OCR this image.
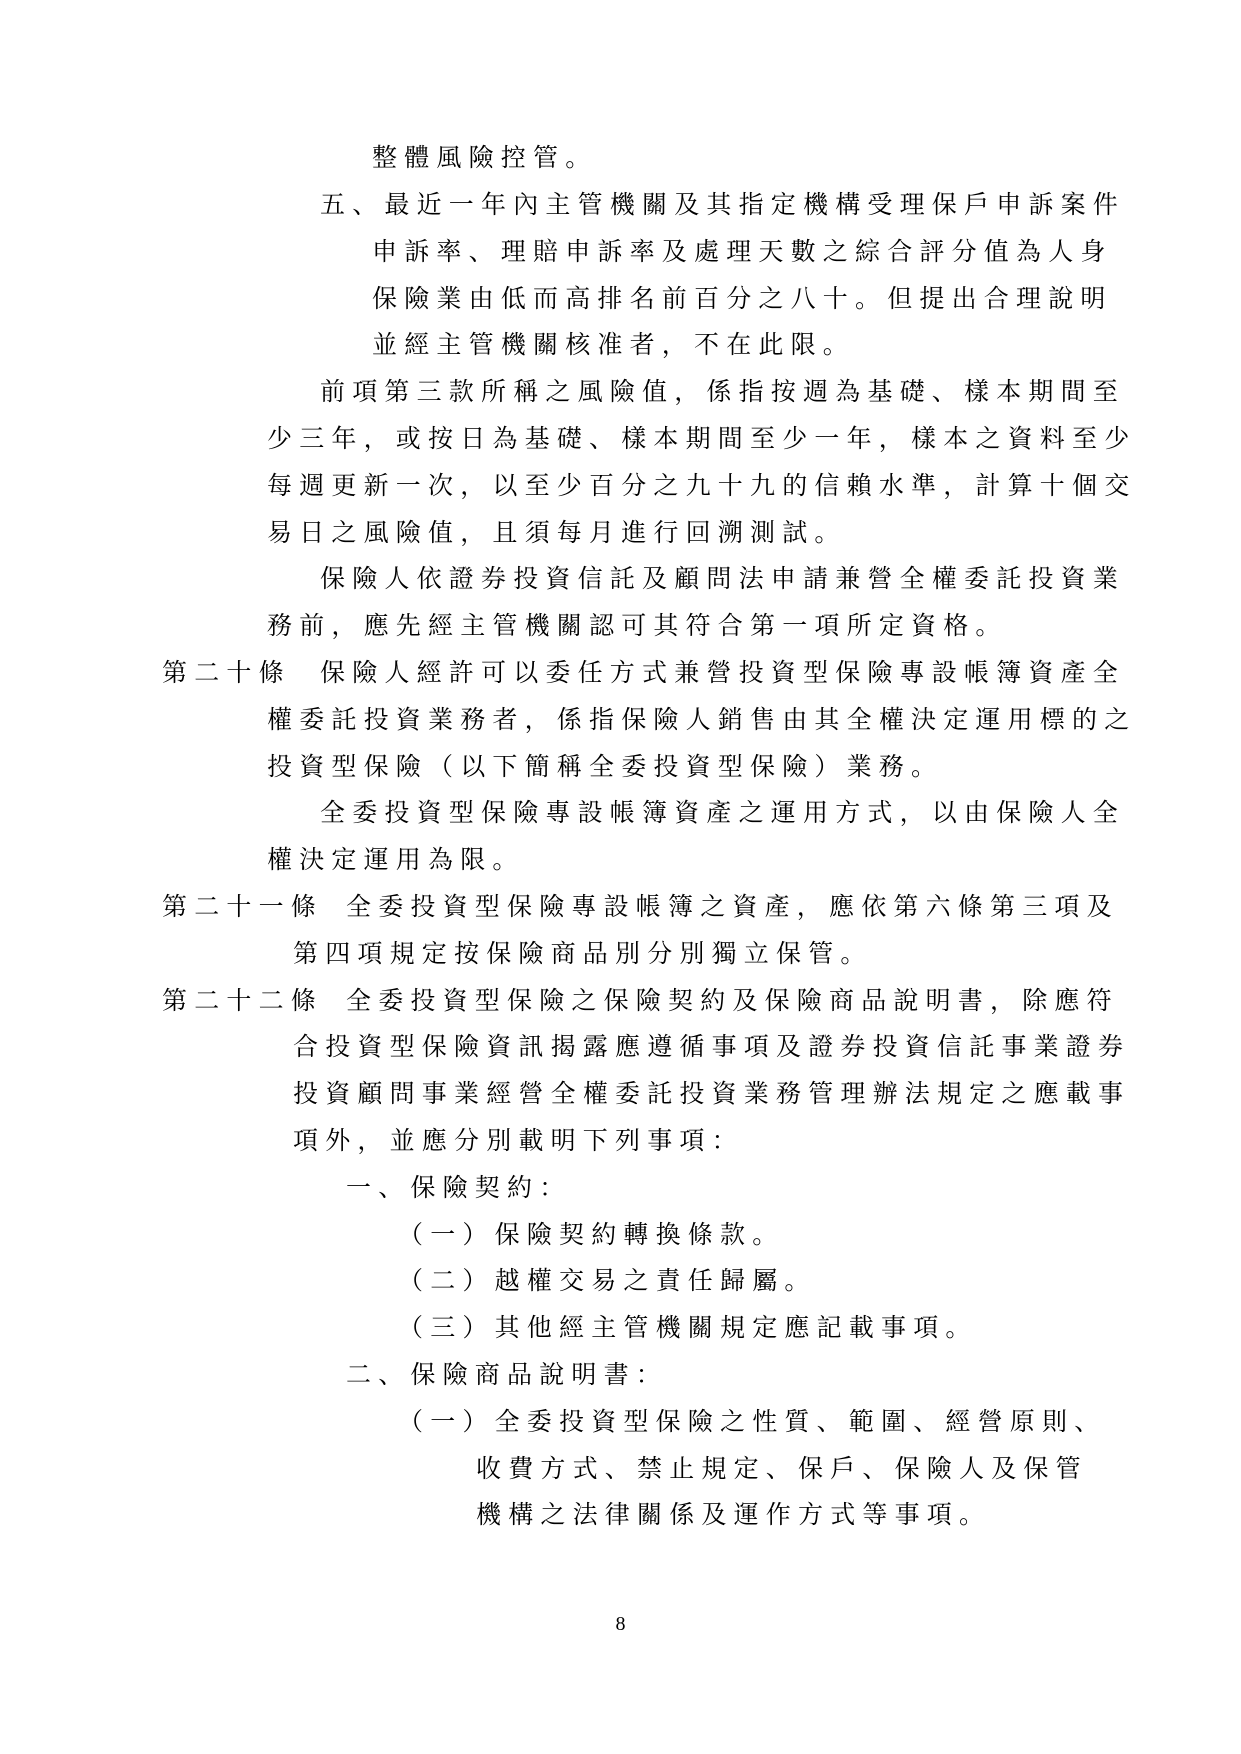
整體風險控管。
五、最近一年內主管機關及其指定機構受理保戶申訴案件
申訴率、理賠申訴率及處理天數之綜合評分值為人身
保險業由低而高排名前百分之八十。但提出合理說明
並經主管機關核准者，不在此限。
前項第三款所稱之風險值，係指按週為基礎、樣本期間至
少三年，或按日為基礎、樣本期間至少一年，樣本之資料至少
每週更新一次，以至少百分之九十九的信賴水準，計算十個交
易日之風險值，且須每月進行回溯測試。
保險人依證券投資信託及顧問法申請兼營全權委託投資業
務前，應先經主管機關認可其符合第一項所定資格。
第二十條 保險人經許可以委任方式兼營投資型保險專設帳簿資產全
權委託投資業務者，係指保險人銷售由其全權決定運用標的之
投資型保險（以下簡稱全委投資型保險）業務。
全委投資型保險專設帳簿資產之運用方式，以由保險人全
權決定運用為限。
第二十一條 全委投資型保險專設帳簿之資產，應依第六條第三項及
第四項規定按保險商品別分別獨立保管。
第二十二條 全委投資型保險之保險契約及保險商品說明書，除應符
合投資型保險資訊揭露應遵循事項及證券投資信託事業證券
投資顧問事業經營全權委託投資業務管理辦法規定之應載事
項外，並應分別載明下列事項：
一、保險契約：
（一）保險契約轉換條款。
（二）越權交易之責任歸屬。
（三）其他經主管機關規定應記載事項。
二、保險商品說明書：
（一）全委投資型保險之性質、範圍、經營原則、
收費方式、禁止規定、保戶、保險人及保管
機構之法律關係及運作方式等事項。
8
